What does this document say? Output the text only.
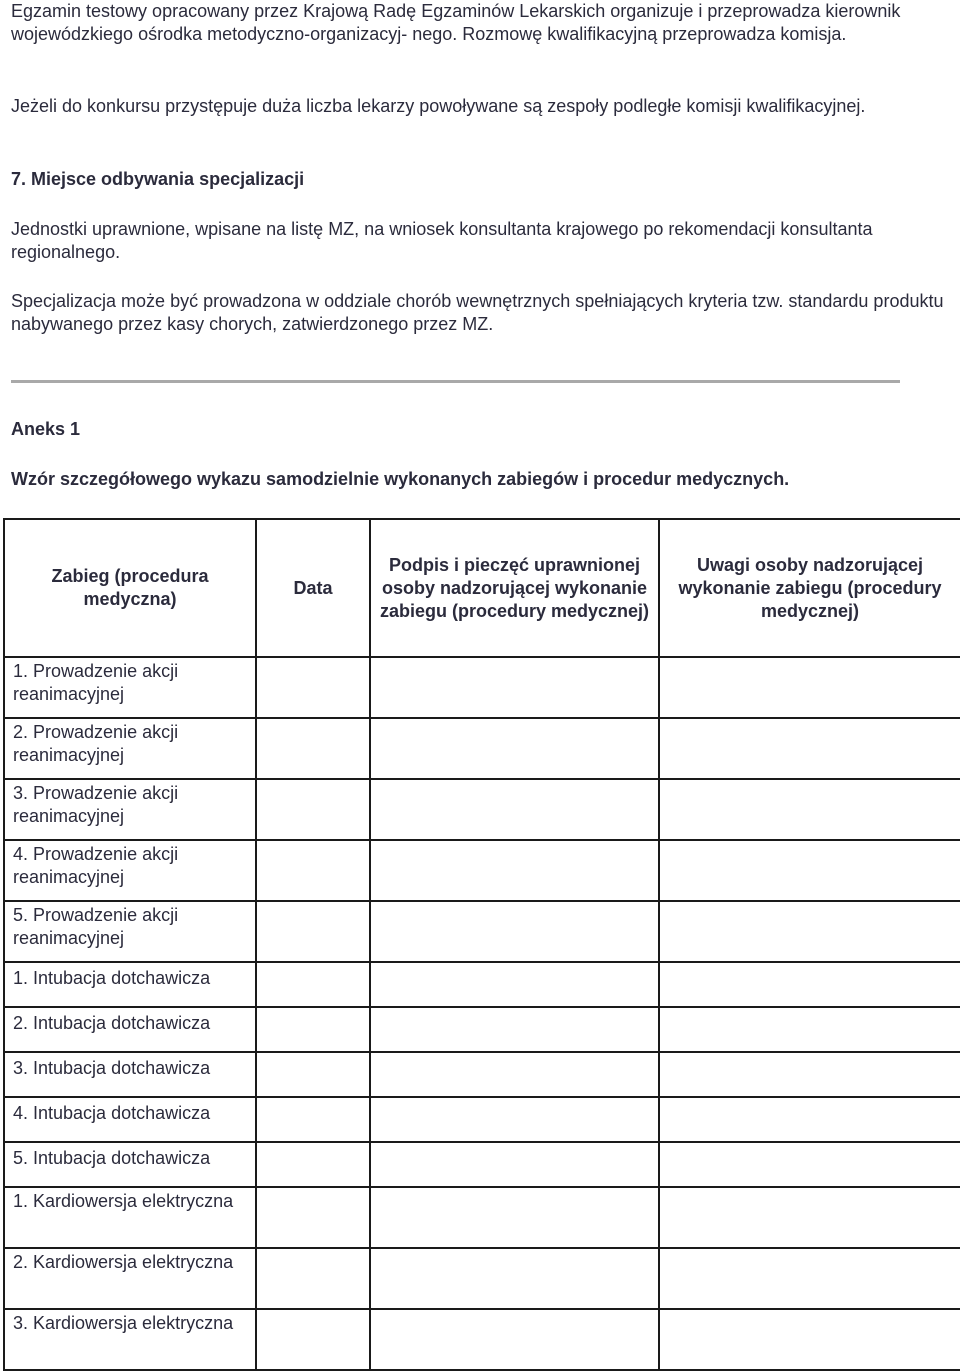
Egzamin testowy opracowany przez Krajową Radę Egzaminów Lekarskich organizuje i przeprowadza kierownik wojewódzkiego ośrodka metodyczno-organizacyj- nego. Rozmowę kwalifikacyjną przeprowadza komisja.

Jeżeli do konkursu przystępuje duża liczba lekarzy powoływane są zespoły podległe komisji kwalifikacyjnej.

7. Miejsce odbywania specjalizacji

Jednostki uprawnione, wpisane na listę MZ, na wniosek konsultanta krajowego po rekomendacji konsultanta regionalnego.

Specjalizacja może być prowadzona w oddziale chorób wewnętrznych spełniających kryteria tzw. standardu produktu nabywanego przez kasy chorych, zatwierdzonego przez MZ.

Aneks 1

Wzór szczegółowego wykazu samodzielnie wykonanych zabiegów i procedur medycznych.

Zabieg (procedura medyczna)	Data	Podpis i pieczęć uprawnionej osoby nadzorującej wykonanie zabiegu (procedury medycznej)	Uwagi osoby nadzorującej wykonanie zabiegu (procedury medycznej)
1. Prowadzenie akcji reanimacyjnej			
2. Prowadzenie akcji reanimacyjnej			
3. Prowadzenie akcji reanimacyjnej			
4. Prowadzenie akcji reanimacyjnej			
5. Prowadzenie akcji reanimacyjnej			
1. Intubacja dotchawicza			
2. Intubacja dotchawicza			
3. Intubacja dotchawicza			
4. Intubacja dotchawicza			
5. Intubacja dotchawicza			
1. Kardiowersja elektryczna			
2. Kardiowersja elektryczna			
3. Kardiowersja elektryczna			
